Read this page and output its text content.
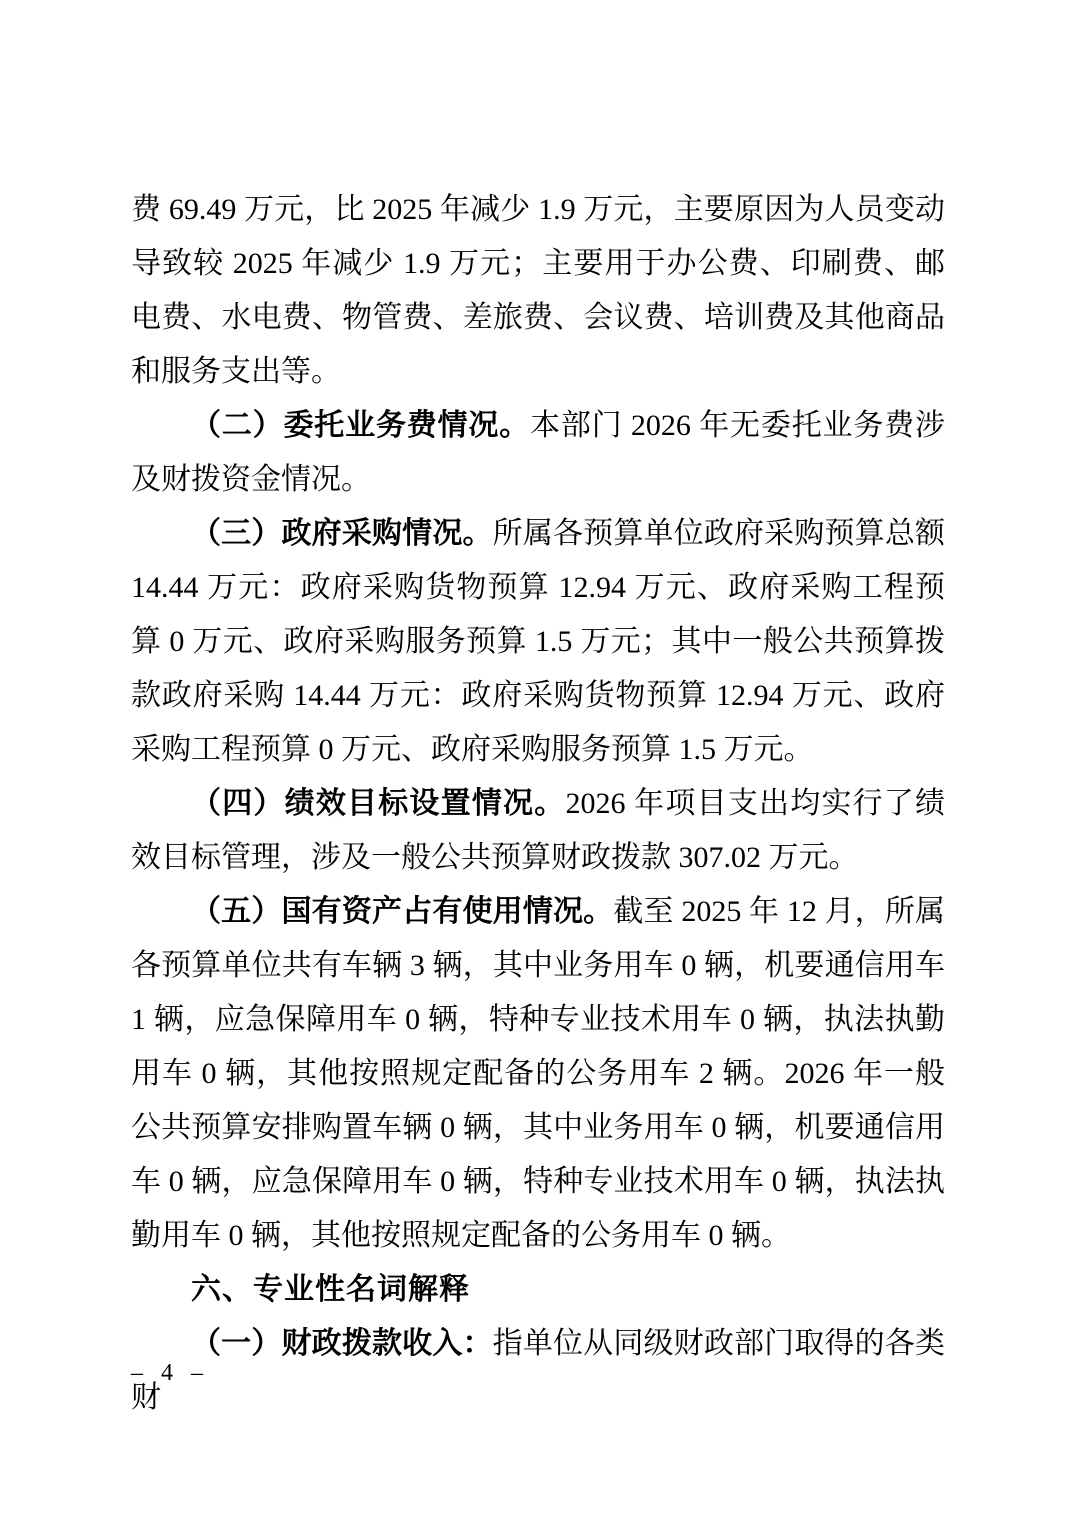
费 69.49 万元，比 2025 年减少 1.9 万元，主要原因为人员变动导致较 2025 年减少 1.9 万元；主要用于办公费、印刷费、邮电费、水电费、物管费、差旅费、会议费、培训费及其他商品和服务支出等。

（二）委托业务费情况。本部门 2026 年无委托业务费涉及财拨资金情况。

（三）政府采购情况。所属各预算单位政府采购预算总额 14.44 万元：政府采购货物预算 12.94 万元、政府采购工程预算 0 万元、政府采购服务预算 1.5 万元；其中一般公共预算拨款政府采购 14.44 万元：政府采购货物预算 12.94 万元、政府采购工程预算 0 万元、政府采购服务预算 1.5 万元。

（四）绩效目标设置情况。2026 年项目支出均实行了绩效目标管理，涉及一般公共预算财政拨款 307.02 万元。

（五）国有资产占有使用情况。截至 2025 年 12 月，所属各预算单位共有车辆 3 辆，其中业务用车 0 辆，机要通信用车 1 辆，应急保障用车 0 辆，特种专业技术用车 0 辆，执法执勤用车 0 辆，其他按照规定配备的公务用车 2 辆。2026 年一般公共预算安排购置车辆 0 辆，其中业务用车 0 辆，机要通信用车 0 辆，应急保障用车 0 辆，特种专业技术用车 0 辆，执法执勤用车 0 辆，其他按照规定配备的公务用车 0 辆。

六、专业性名词解释

（一）财政拨款收入：指单位从同级财政部门取得的各类财

– 4 –
